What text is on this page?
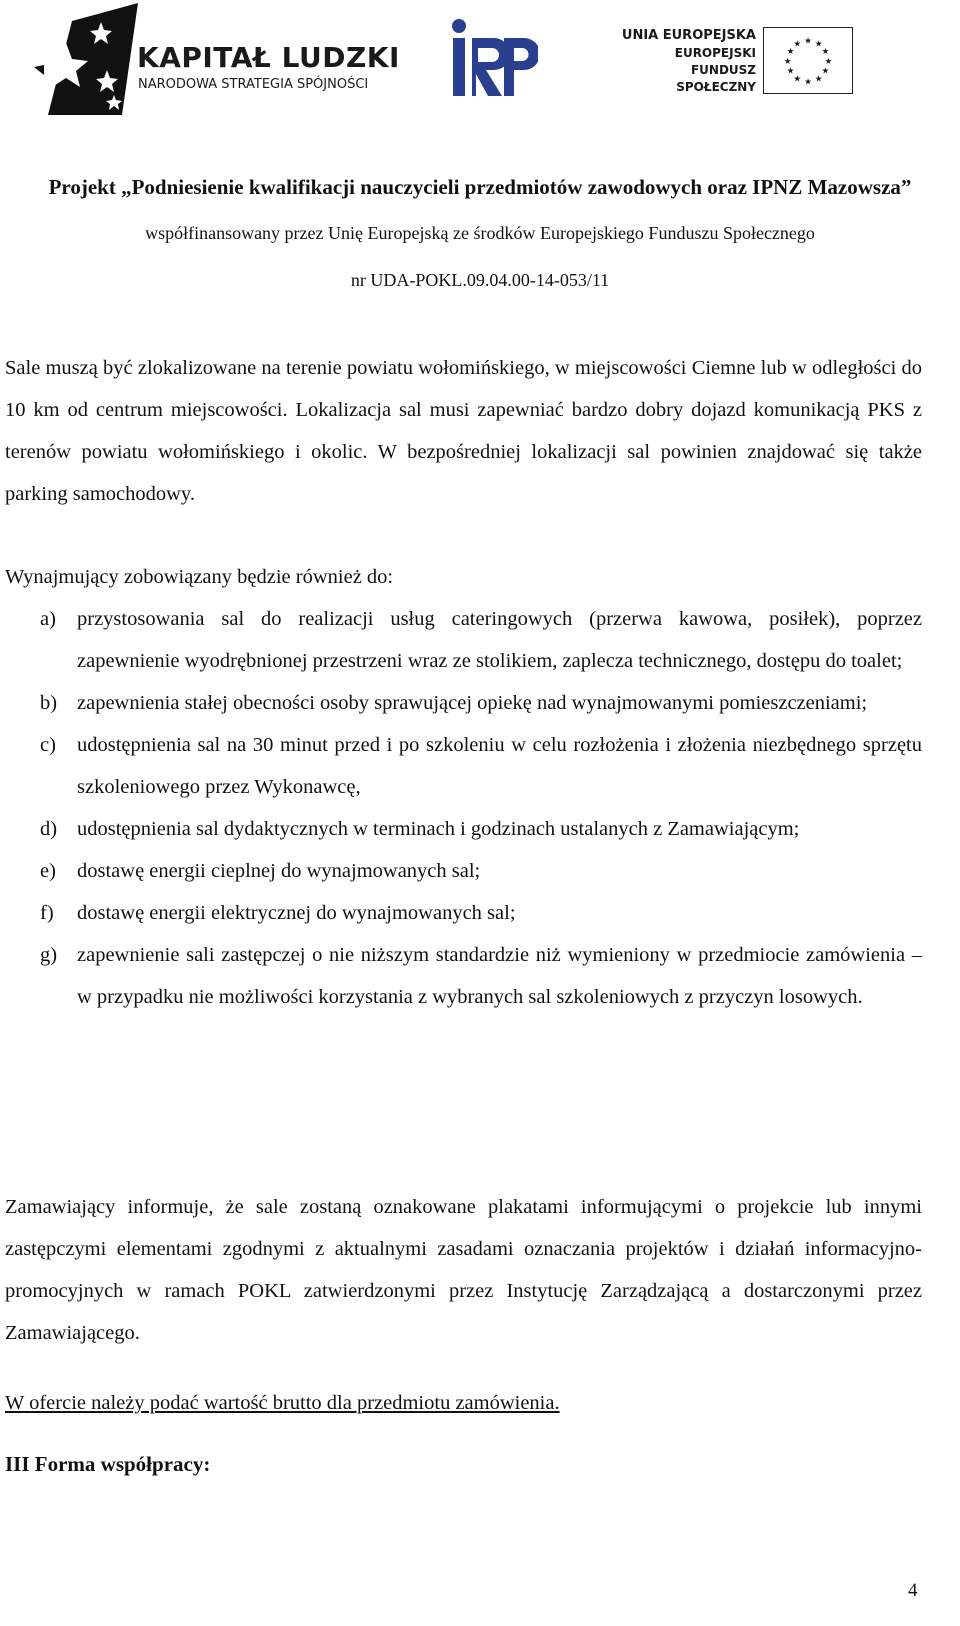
KAPITAŁ LUDZKI
NARODOWA STRATEGIA SPÓJNOŚCI
UNIA EUROPEJSKA
EUROPEJSKI
FUNDUSZ SPOŁECZNY
★ ★
★
★
★
★
★
★
★
★
★
★
Projekt „Podniesienie kwalifikacji nauczycieli przedmiotów zawodowych oraz IPNZ Mazowsza”
współfinansowany przez Unię Europejską ze środków Europejskiego Funduszu Społecznego
nr UDA-POKL.09.04.00-14-053/11
Sale muszą być zlokalizowane na terenie powiatu wołomińskiego, w miejscowości Ciemne lub w odległości do 10 km od centrum miejscowości. Lokalizacja sal musi zapewniać bardzo dobry dojazd komunikacją PKS z terenów powiatu wołomińskiego i okolic. W bezpośredniej lokalizacji sal powinien znajdować się także parking samochodowy.
Wynajmujący zobowiązany będzie również do:
a) przystosowania sal do realizacji usług cateringowych (przerwa kawowa, posiłek), poprzez zapewnienie wyodrębnionej przestrzeni wraz ze stolikiem, zaplecza technicznego, dostępu do toalet;
b) zapewnienia stałej obecności osoby sprawującej opiekę nad wynajmowanymi pomieszczeniami;
c) udostępnienia sal na 30 minut przed i po szkoleniu w celu rozłożenia i złożenia niezbędnego sprzętu szkoleniowego przez Wykonawcę,
d) udostępnienia sal dydaktycznych w terminach i godzinach ustalanych z Zamawiającym;
e) dostawę energii cieplnej do wynajmowanych sal;
f) dostawę energii elektrycznej do wynajmowanych sal;
g) zapewnienie sali zastępczej o nie niższym standardzie niż wymieniony w przedmiocie zamówienia – w przypadku nie możliwości korzystania z wybranych sal szkoleniowych z przyczyn losowych.
Zamawiający informuje, że sale zostaną oznakowane plakatami informującymi o projekcie lub innymi zastępczymi elementami zgodnymi z aktualnymi zasadami oznaczania projektów i działań informacyjno-promocyjnych w ramach POKL zatwierdzonymi przez Instytucję Zarządzającą a dostarczonymi przez Zamawiającego.
W ofercie należy podać wartość brutto dla przedmiotu zamówienia.
III Forma współpracy:
4
